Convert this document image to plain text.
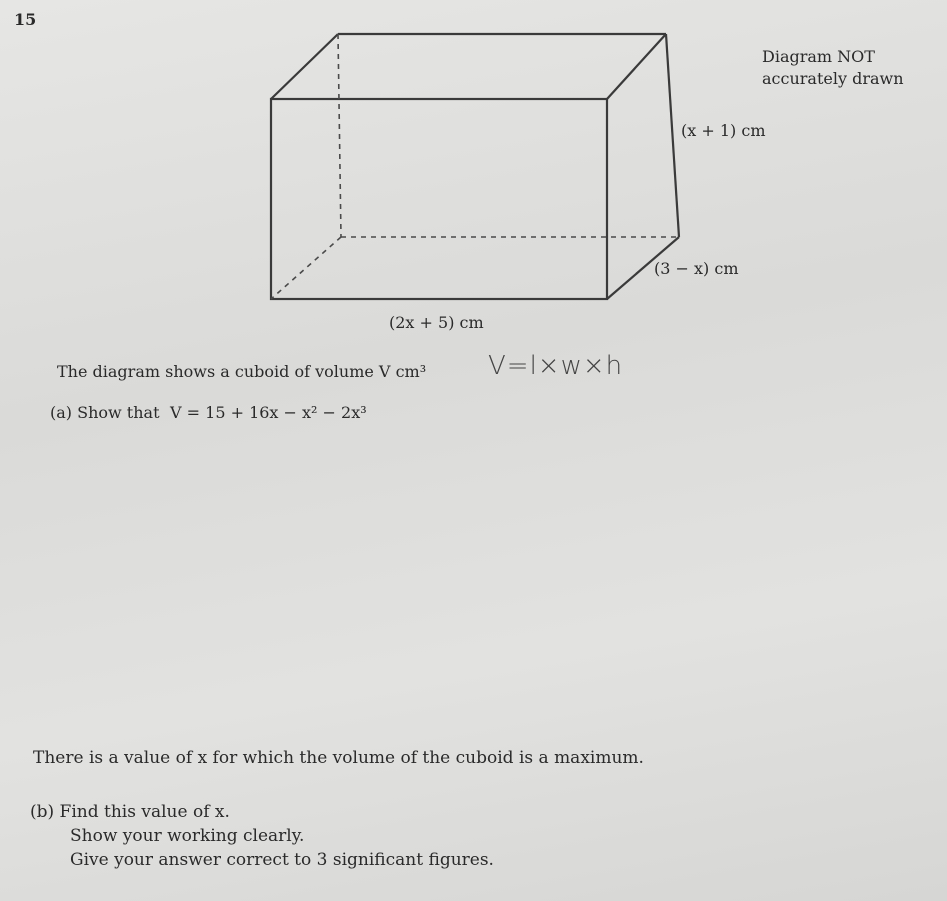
15
Diagram NOT
accurately drawn
(x + 1) cm
(3 − x) cm
(2x + 5) cm
The diagram shows a cuboid of volume V cm³ V=l×w×h
(a) Show that V = 15 + 16x − x² − 2x³
There is a value of x for which the volume of the cuboid is a maximum.
(b) Find this value of x.
Show your working clearly.
Give your answer correct to 3 significant figures.
